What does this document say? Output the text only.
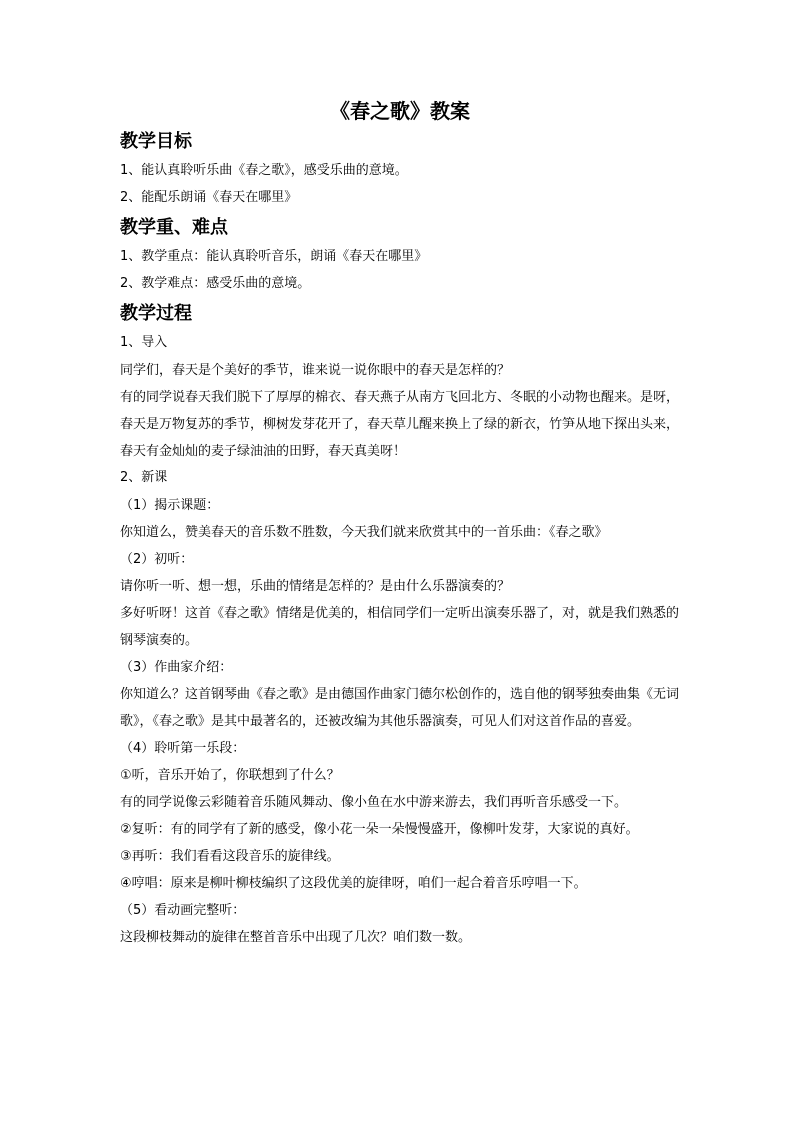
《春之歌》教案
教学目标

1、能认真聆听乐曲《春之歌》，感受乐曲的意境。

2、能配乐朗诵《春天在哪里》

教学重、难点

1、教学重点：能认真聆听音乐，朗诵《春天在哪里》

2、教学难点：感受乐曲的意境。

教学过程

1、导入

同学们，春天是个美好的季节，谁来说一说你眼中的春天是怎样的？

有的同学说春天我们脱下了厚厚的棉衣、春天燕子从南方飞回北方、冬眠的小动物也醒来。是呀，春天是万物复苏的季节，柳树发芽花开了，春天草儿醒来换上了绿的新衣，竹笋从地下探出头来，春天有金灿灿的麦子绿油油的田野，春天真美呀！

2、新课

（1）揭示课题：

你知道么，赞美春天的音乐数不胜数，今天我们就来欣赏其中的一首乐曲：《春之歌》

（2）初听：

请你听一听、想一想，乐曲的情绪是怎样的？是由什么乐器演奏的？

多好听呀！这首《春之歌》情绪是优美的，相信同学们一定听出演奏乐器了，对，就是我们熟悉的钢琴演奏的。

（3）作曲家介绍：

你知道么？这首钢琴曲《春之歌》是由德国作曲家门德尔松创作的，选自他的钢琴独奏曲集《无词歌》，《春之歌》是其中最著名的，还被改编为其他乐器演奏，可见人们对这首作品的喜爱。

（4）聆听第一乐段：

①听，音乐开始了，你联想到了什么？

有的同学说像云彩随着音乐随风舞动、像小鱼在水中游来游去，我们再听音乐感受一下。

②复听：有的同学有了新的感受，像小花一朵一朵慢慢盛开，像柳叶发芽，大家说的真好。

③再听：我们看看这段音乐的旋律线。

④哼唱：原来是柳叶柳枝编织了这段优美的旋律呀，咱们一起合着音乐哼唱一下。

（5）看动画完整听：

这段柳枝舞动的旋律在整首音乐中出现了几次？咱们数一数。
